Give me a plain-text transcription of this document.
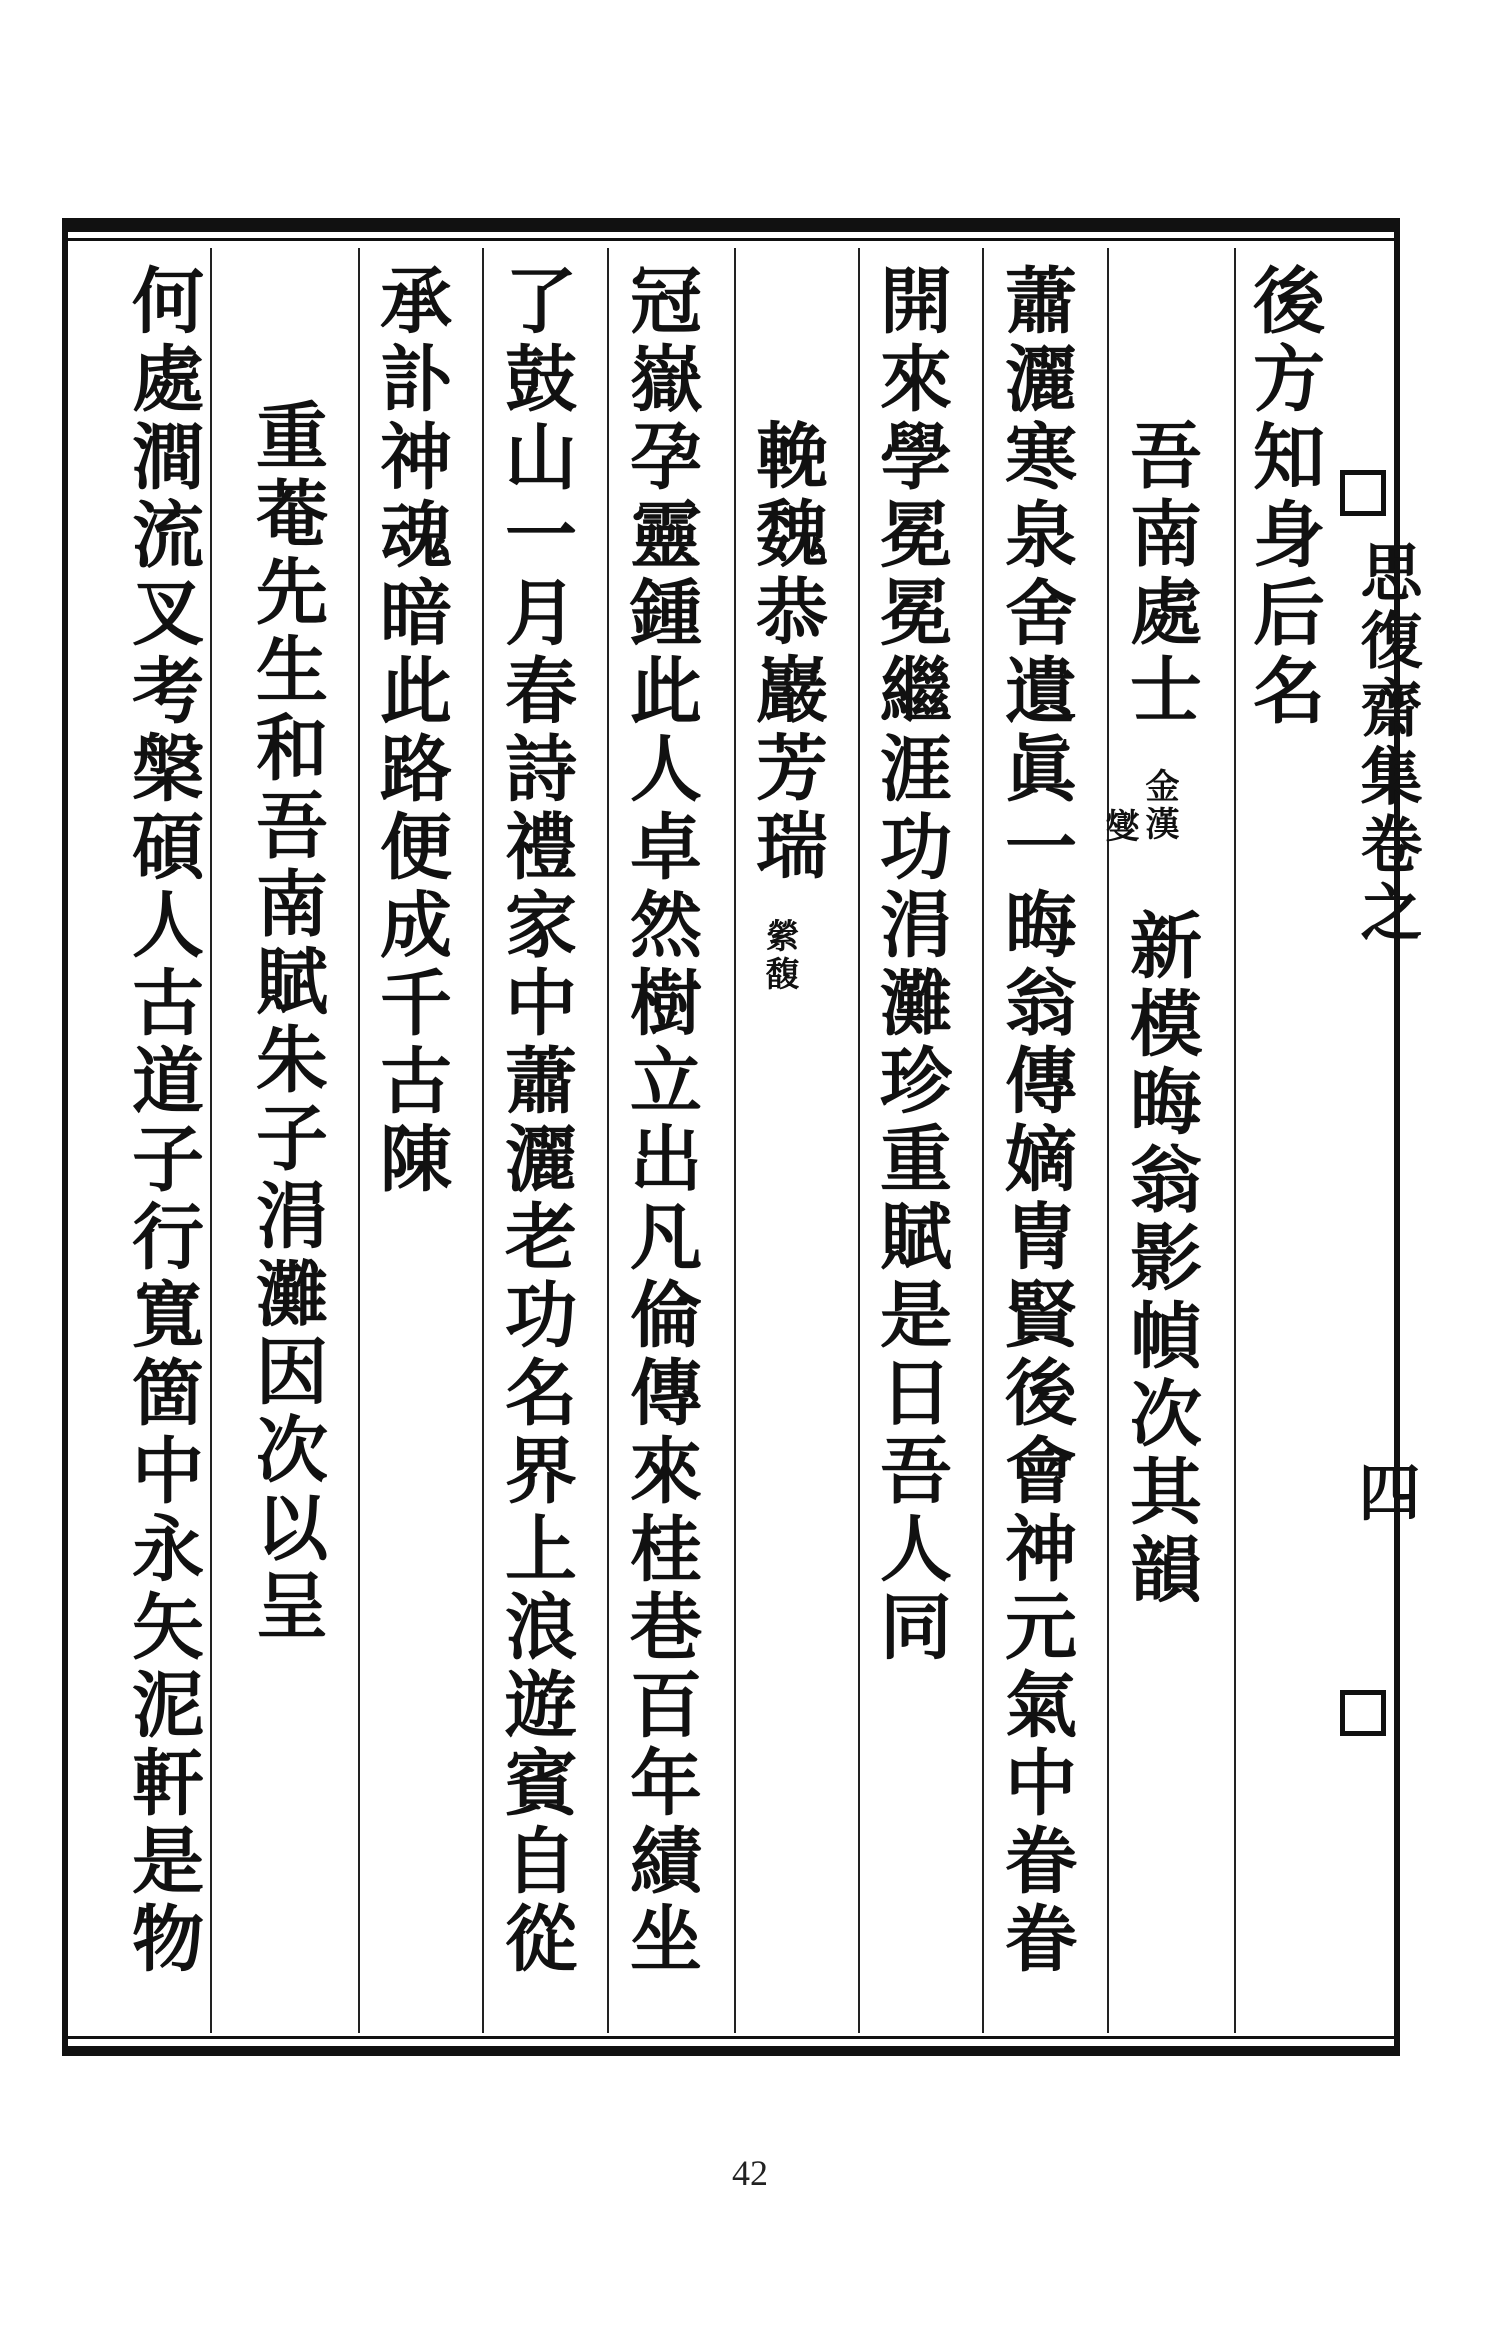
後方知身后名
吾南處士
金漢
燮
新模晦翁影幀次其韻
蕭灑寒泉舍遺眞一晦翁傳嫡冑賢後會神元氣中眷眷
開來學冕冕繼涯功涓灘珍重賦是日吾人同
輓魏恭巖芳瑞
縈馥
冠嶽孕靈鍾此人卓然樹立出凡倫傳來桂巷百年績坐
了鼓山一月春詩禮家中蕭灑老功名界上浪遊賓自從
承訃神魂暗此路便成千古陳
重菴先生和吾南賦朱子涓灘因次以呈
何處澗流叉考槃碩人古道子行寬箇中永矢泥軒是物	思復齋集卷之
四
42
